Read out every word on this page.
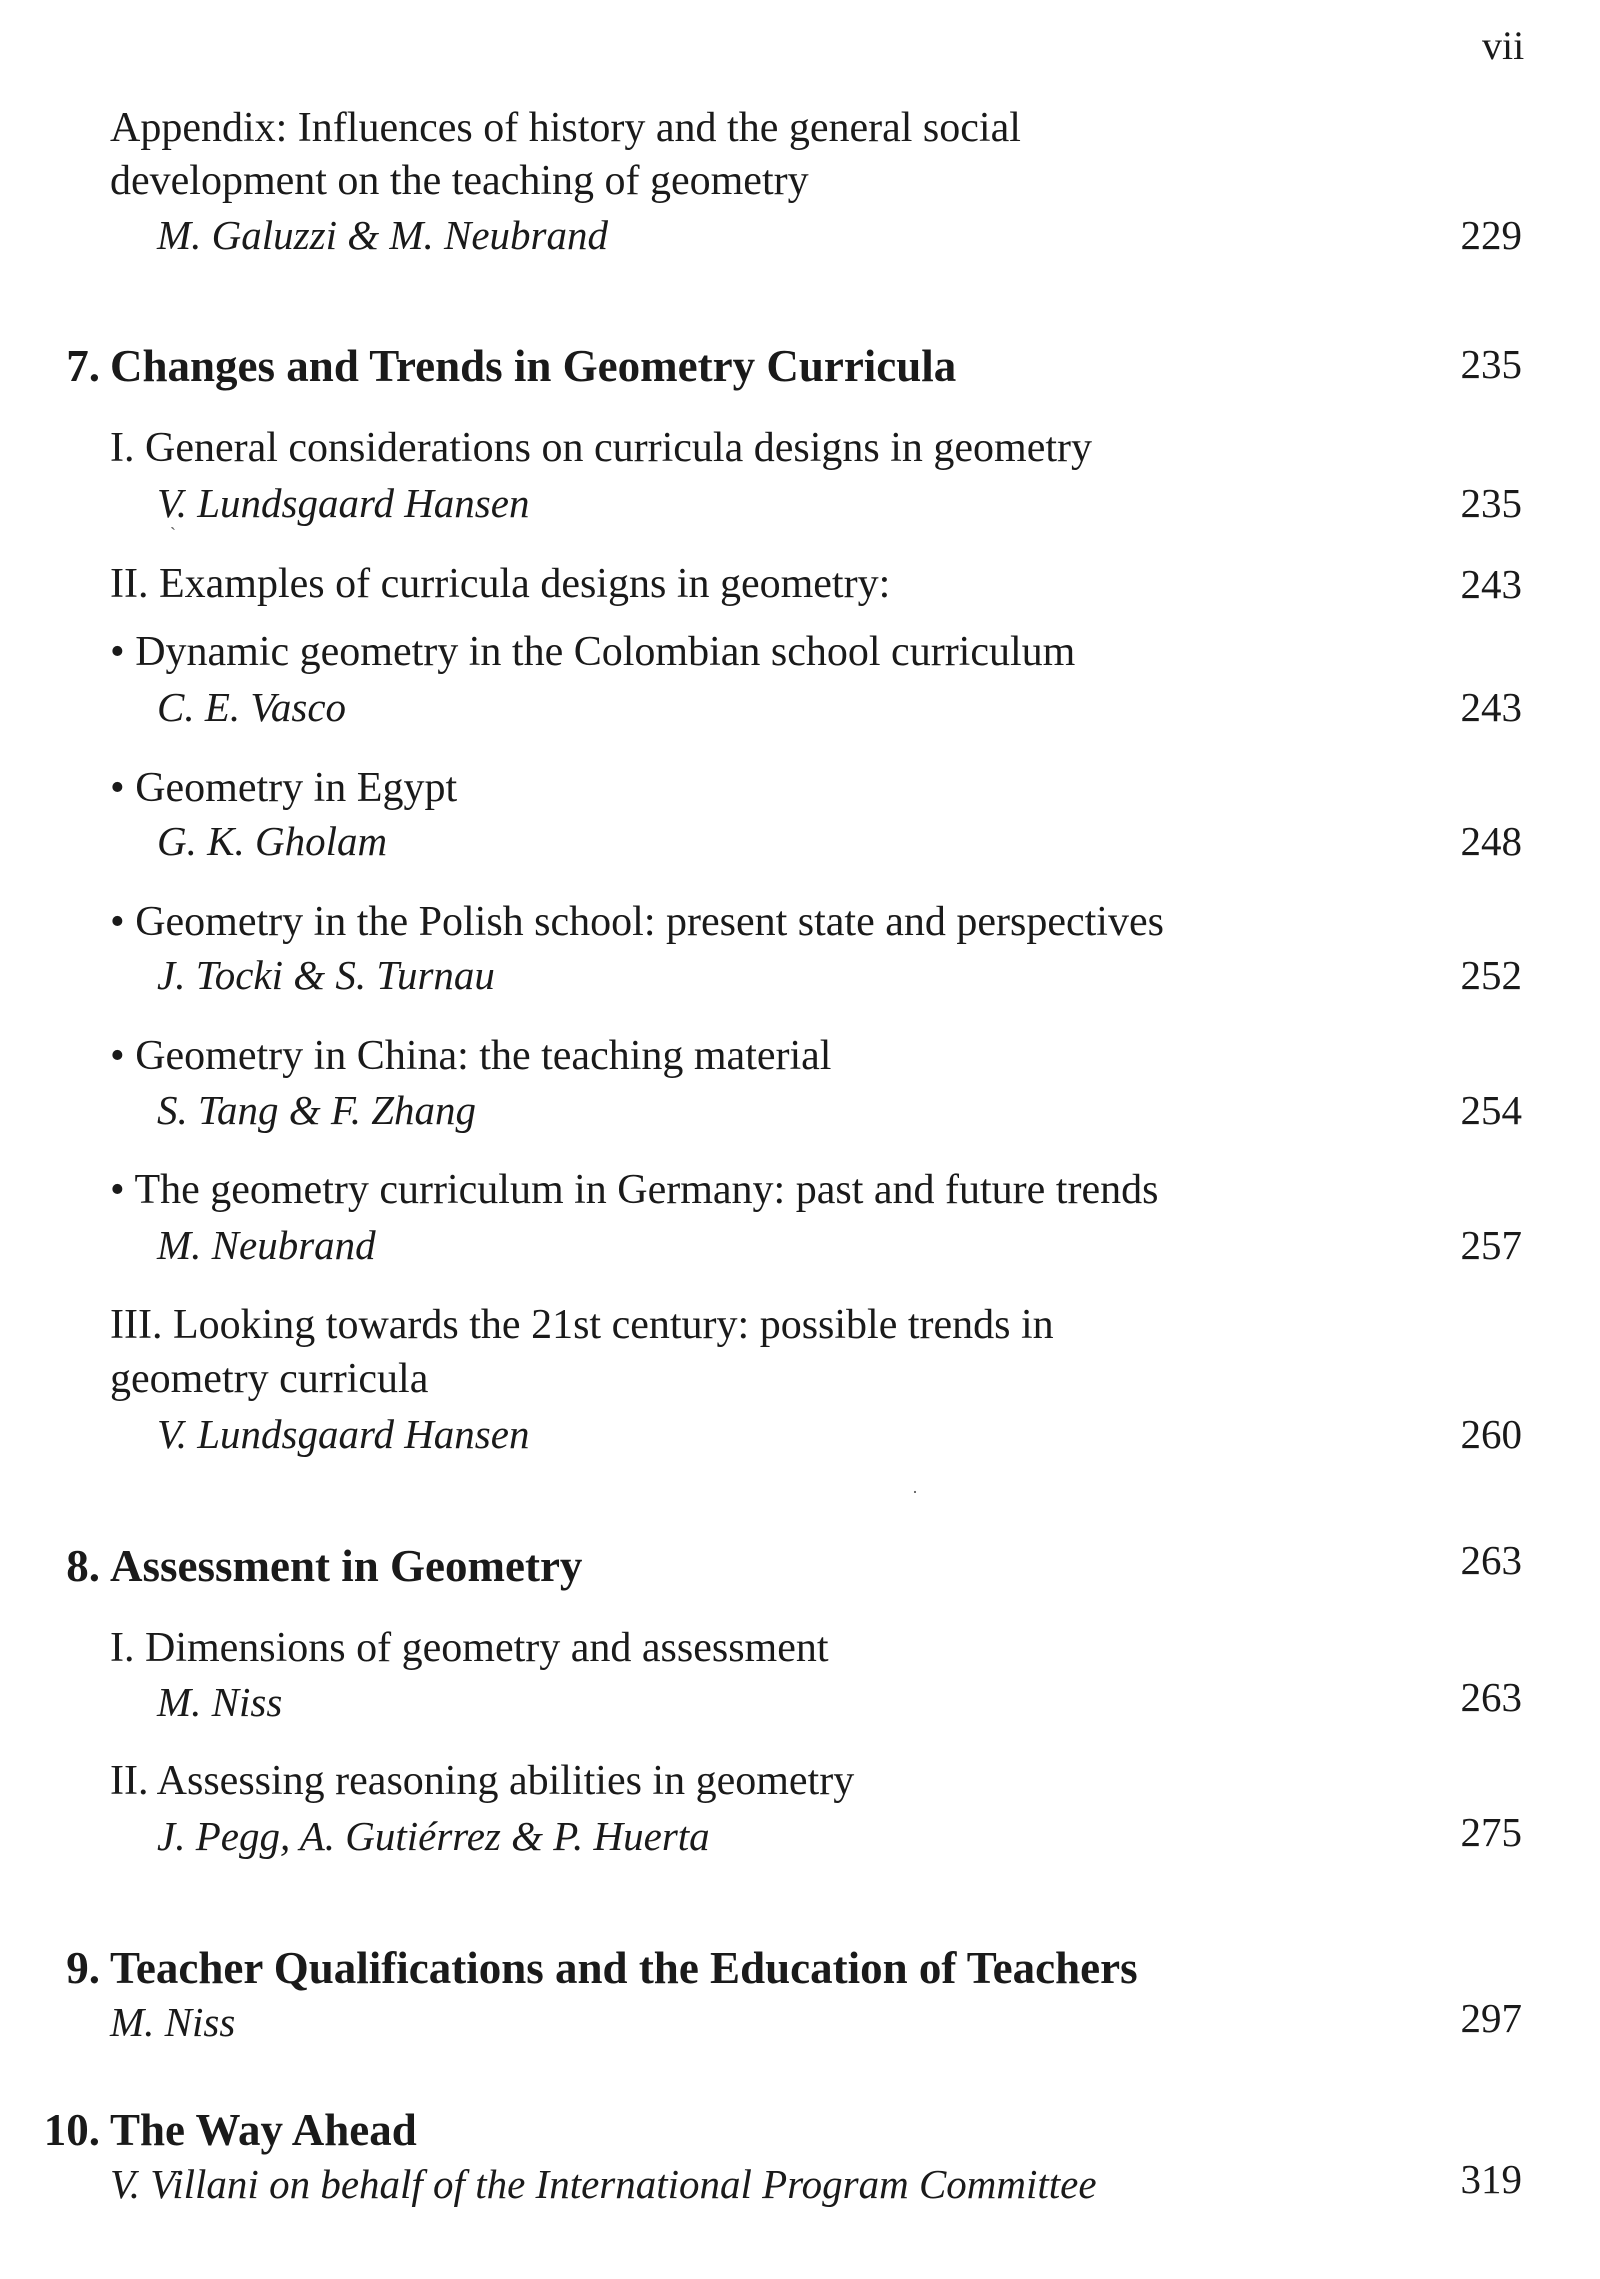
vii
Appendix: Influences of history and the general social
development on the teaching of geometry
M. Galuzzi & M. Neubrand	229
7. Changes and Trends in Geometry Curricula	235
I. General considerations on curricula designs in geometry
V. Lundsgaard Hansen	235
`
II. Examples of curricula designs in geometry:	243
• Dynamic geometry in the Colombian school curriculum
C. E. Vasco	243
• Geometry in Egypt
G. K. Gholam	248
• Geometry in the Polish school: present state and perspectives
J. Tocki & S. Turnau	252
• Geometry in China: the teaching material
S. Tang & F. Zhang	254
• The geometry curriculum in Germany: past and future trends
M. Neubrand	257
III. Looking towards the 21st century: possible trends in
geometry curricula
V. Lundsgaard Hansen	260
·
8. Assessment in Geometry	263
I. Dimensions of geometry and assessment
M. Niss	263
II. Assessing reasoning abilities in geometry
J. Pegg, A. Gutiérrez & P. Huerta	275
9. Teacher Qualifications and the Education of Teachers
M. Niss	297
10. The Way Ahead
V. Villani on behalf of the International Program Committee	319
